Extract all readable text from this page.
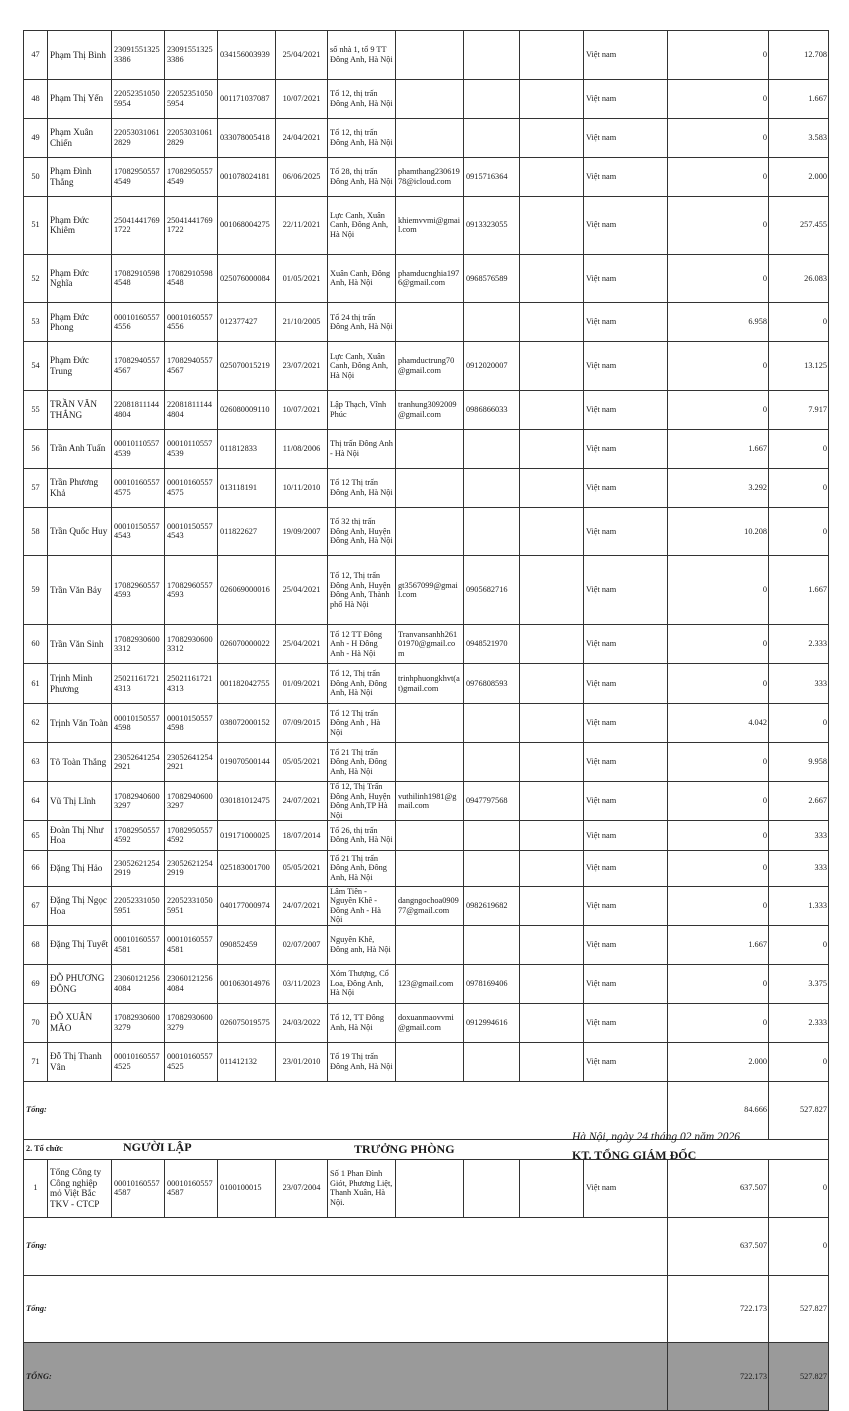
47	Phạm Thị Bình	230915513253386	230915513253386	034156003939	25/04/2021	số nhà 1, tổ 9 TT Đông Anh, Hà Nội				Việt nam	0	12.708	
48	Phạm Thị Yến	220523510505954	220523510505954	001171037087	10/07/2021	Tổ 12, thị trấn Đông Anh, Hà Nội				Việt nam	0	1.667	
49	Phạm Xuân Chiến	220530310612829	220530310612829	033078005418	24/04/2021	Tổ 12, thị trấn Đông Anh, Hà Nội				Việt nam	0	3.583	
50	Phạm Đình Thắng	170829505574549	170829505574549	001078024181	06/06/2025	Tổ 28, thị trấn Đông Anh, Hà Nội	phamthang23061978@icloud.com	0915716364		Việt nam	0	2.000	
51	Phạm Đức Khiêm	250414417691722	250414417691722	001068004275	22/11/2021	Lực Canh, Xuân Canh, Đông Anh, Hà Nội	khiemvvmi@gmail.com	0913323055		Việt nam	0	257.455	
52	Phạm Đức Nghĩa	170829105984548	170829105984548	025076000084	01/05/2021	Xuân Canh, Đông Anh, Hà Nội	phamducnghia1976@gmail.com	0968576589		Việt nam	0	26.083	
53	Phạm Đức Phong	000101605574556	000101605574556	012377427	21/10/2005	Tổ 24 thị trấn Đông Anh, Hà Nội				Việt nam	6.958	0	
54	Phạm Đức Trung	170829405574567	170829405574567	025070015219	23/07/2021	Lực Canh, Xuân Canh, Đông Anh, Hà Nội	phamductrung70@gmail.com	0912020007		Việt nam	0	13.125	
55	TRẦN VĂN THẮNG	220818111444804	220818111444804	026080009110	10/07/2021	Lập Thạch, Vĩnh Phúc	tranhung3092009@gmail.com	0986866033		Việt nam	0	7.917	
56	Trần Anh Tuấn	000101105574539	000101105574539	011812833	11/08/2006	Thị trấn Đông Anh - Hà Nội				Việt nam	1.667	0	
57	Trần Phương Khả	000101605574575	000101605574575	013118191	10/11/2010	Tổ 12 Thị trấn Đông Anh, Hà Nội				Việt nam	3.292	0	
58	Trần Quốc Huy	000101505574543	000101505574543	011822627	19/09/2007	Tổ 32 thị trấn Đông Anh, Huyện Đông Anh, Hà Nội				Việt nam	10.208	0	
59	Trần Văn Bảy	170829605574593	170829605574593	026069000016	25/04/2021	Tổ 12, Thị trấn Đông Anh, Huyện Đông Anh, Thành phố Hà Nội	gt3567099@gmail.com	0905682716		Việt nam	0	1.667	
60	Trần Văn Sinh	170829306003312	170829306003312	026070000022	25/04/2021	Tổ 12 TT Đông Anh - H Đông Anh - Hà Nội	Tranvansanhh26101970@gmail.com	0948521970		Việt nam	0	2.333	
61	Trịnh Minh Phương	250211617214313	250211617214313	001182042755	01/09/2021	Tổ 12, Thị trấn Đông Anh, Đông Anh, Hà Nội	trinhphuongkhvt(at)gmail.com	0976808593		Việt nam	0	333	
62	Trịnh Văn Toàn	000101505574598	000101505574598	038072000152	07/09/2015	Tổ 12 Thị trấn Đông Anh , Hà Nội				Việt nam	4.042	0	
63	Tô Toàn Thắng	230526412542921	230526412542921	019070500144	05/05/2021	Tổ 21 Thị trấn Đông Anh, Đông Anh, Hà Nội				Việt nam	0	9.958	
64	Vũ Thị Lĩnh	170829406003297	170829406003297	030181012475	24/07/2021	Tổ 12, Thị Trấn Đông Anh, Huyện Đông Anh,TP Hà Nội	vuthilinh1981@gmail.com	0947797568		Việt nam	0	2.667	
65	Đoàn Thị Như Hoa	170829505574592	170829505574592	019171000025	18/07/2014	Tổ 26, thị trấn Đông Anh, Hà Nội				Việt nam	0	333	
66	Đặng Thị Hảo	230526212542919	230526212542919	025183001700	05/05/2021	Tổ 21 Thị trấn Đông Anh, Đông Anh, Hà Nội				Việt nam	0	333	
67	Đặng Thị Ngọc Hoa	220523310505951	220523310505951	040177000974	24/07/2021	Lâm Tiên - Nguyên Khê - Đông Anh - Hà Nội	dangngochoa090977@gmail.com	0982619682		Việt nam	0	1.333	
68	Đặng Thị Tuyết	000101605574581	000101605574581	090852459	02/07/2007	Nguyên Khê, Đông anh, Hà Nội				Việt nam	1.667	0	
69	ĐỖ PHƯƠNG ĐÔNG	230601212564084	230601212564084	001063014976	03/11/2023	Xóm Thượng, Cổ Loa, Đông Anh, Hà Nội	123@gmail.com	0978169406		Việt nam	0	3.375	
70	ĐỖ XUÂN MÃO	170829306003279	170829306003279	026075019575	24/03/2022	Tổ 12, TT Đông Anh, Hà Nội	doxuanmaovvmi@gmail.com	0912994616		Việt nam	0	2.333	
71	Đỗ Thị Thanh Vân	000101605574525	000101605574525	011412132	23/01/2010	Tổ 19 Thị trấn Đông Anh, Hà Nội				Việt nam	2.000	0	
Tổng:											84.666	527.827	
2. Tổ chức													
1	Tổng Công ty Công nghiệp mỏ Việt Bắc TKV - CTCP	000101605574587	000101605574587	0100100015	23/07/2004	Số 1 Phan Đình Giót, Phương Liệt, Thanh Xuân, Hà Nội.				Việt nam	637.507	0	
Tổng:											637.507	0	
Tổng:											722.173	527.827	
TỔNG:											722.173	527.827	
NGƯỜI LẬP	TRƯỞNG PHÒNG
Hà Nội, ngày 24 tháng 02 năm 2026
KT. TỔNG GIÁM ĐỐC
